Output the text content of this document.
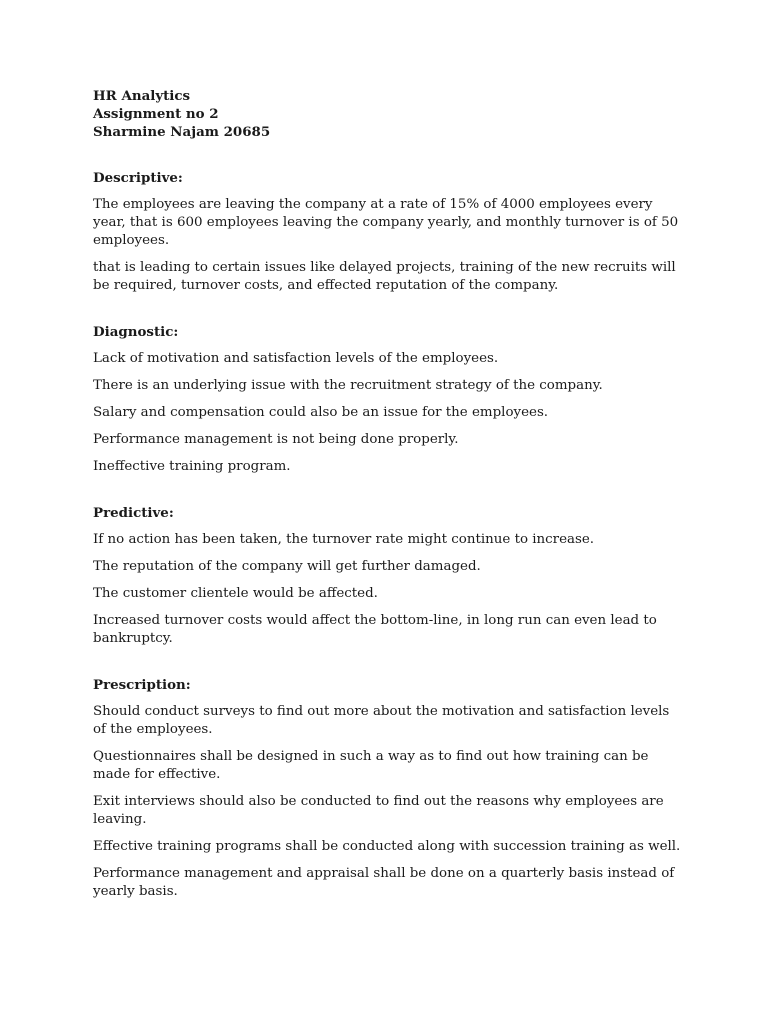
HR Analytics
Assignment no 2
Sharmine Najam 20685
Descriptive:
The employees are leaving the company at a rate of 15% of 4000 employees every year, that is 600 employees leaving the company yearly, and monthly turnover is of 50 employees.
that is leading to certain issues like delayed projects, training of the new recruits will be required, turnover costs, and effected reputation of the company.
Diagnostic:
Lack of motivation and satisfaction levels of the employees.
There is an underlying issue with the recruitment strategy of the company.
Salary and compensation could also be an issue for the employees.
Performance management is not being done properly.
Ineffective training program.
Predictive:
If no action has been taken, the turnover rate might continue to increase.
The reputation of the company will get further damaged.
The customer clientele would be affected.
Increased turnover costs would affect the bottom-line, in long run can even lead to bankruptcy.
Prescription:
Should conduct surveys to find out more about the motivation and satisfaction levels of the employees.
Questionnaires shall be designed in such a way as to find out how training can be made for effective.
Exit interviews should also be conducted to find out the reasons why employees are leaving.
Effective training programs shall be conducted along with succession training as well.
Performance management and appraisal shall be done on a quarterly basis instead of yearly basis.
